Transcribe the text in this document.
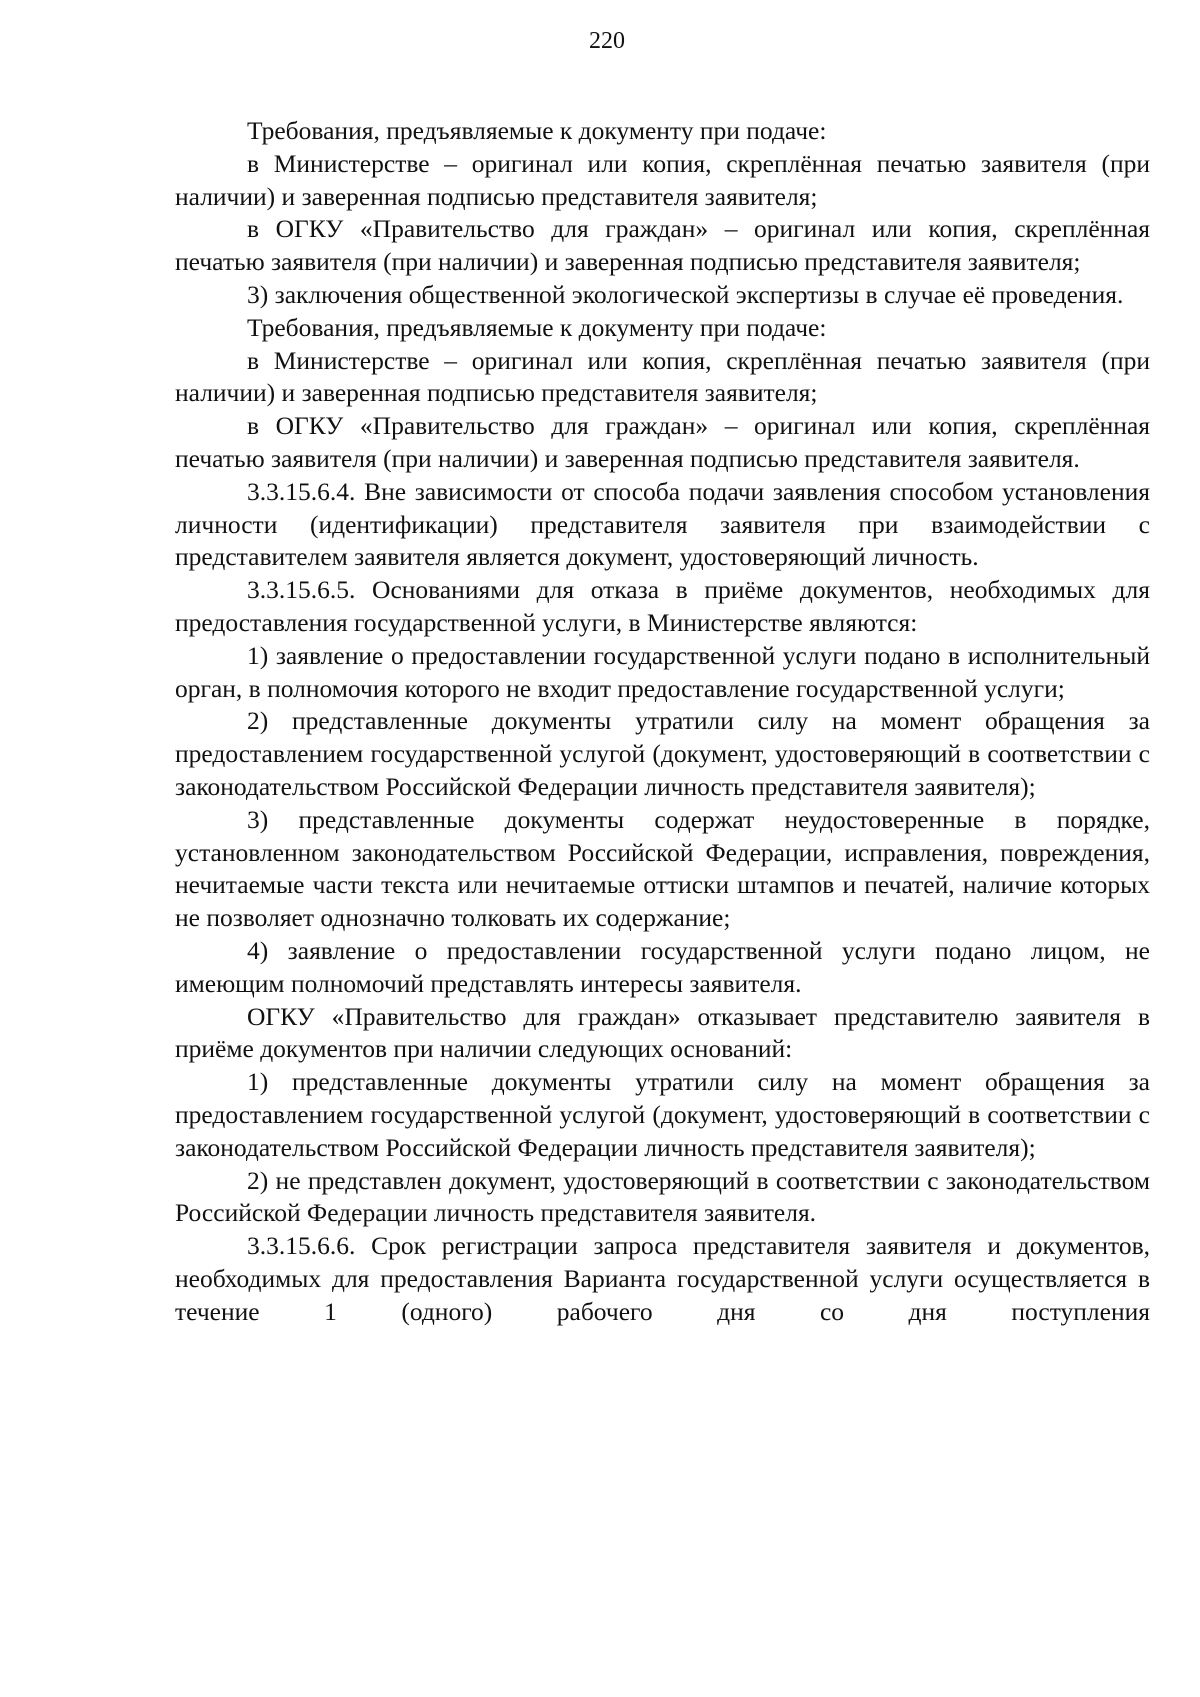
220

Требования, предъявляемые к документу при подаче:

в Министерстве – оригинал или копия, скреплённая печатью заявителя (при наличии) и заверенная подписью представителя заявителя;

в ОГКУ «Правительство для граждан» – оригинал или копия, скреплённая печатью заявителя (при наличии) и заверенная подписью представителя заявителя;

3) заключения общественной экологической экспертизы в случае её проведения.

Требования, предъявляемые к документу при подаче:

в Министерстве – оригинал или копия, скреплённая печатью заявителя (при наличии) и заверенная подписью представителя заявителя;

в ОГКУ «Правительство для граждан» – оригинал или копия, скреплённая печатью заявителя (при наличии) и заверенная подписью представителя заявителя.

3.3.15.6.4. Вне зависимости от способа подачи заявления способом установления личности (идентификации) представителя заявителя при взаимодействии с представителем заявителя является документ, удостоверяющий личность.

3.3.15.6.5. Основаниями для отказа в приёме документов, необходимых для предоставления государственной услуги, в Министерстве являются:

1) заявление о предоставлении государственной услуги подано в исполнительный орган, в полномочия которого не входит предоставление государственной услуги;

2) представленные документы утратили силу на момент обращения за предоставлением государственной услугой (документ, удостоверяющий в соответствии с законодательством Российской Федерации личность представителя заявителя);

3) представленные документы содержат неудостоверенные в порядке, установленном законодательством Российской Федерации, исправления, повреждения, нечитаемые части текста или нечитаемые оттиски штампов и печатей, наличие которых не позволяет однозначно толковать их содержание;

4) заявление о предоставлении государственной услуги подано лицом, не имеющим полномочий представлять интересы заявителя.

ОГКУ «Правительство для граждан» отказывает представителю заявителя в приёме документов при наличии следующих оснований:

1) представленные документы утратили силу на момент обращения за предоставлением государственной услугой (документ, удостоверяющий в соответствии с законодательством Российской Федерации личность представителя заявителя);

2) не представлен документ, удостоверяющий в соответствии с законодательством Российской Федерации личность представителя заявителя.

3.3.15.6.6. Срок регистрации запроса представителя заявителя и документов, необходимых для предоставления Варианта государственной услуги осуществляется в течение 1 (одного) рабочего дня со дня поступления
